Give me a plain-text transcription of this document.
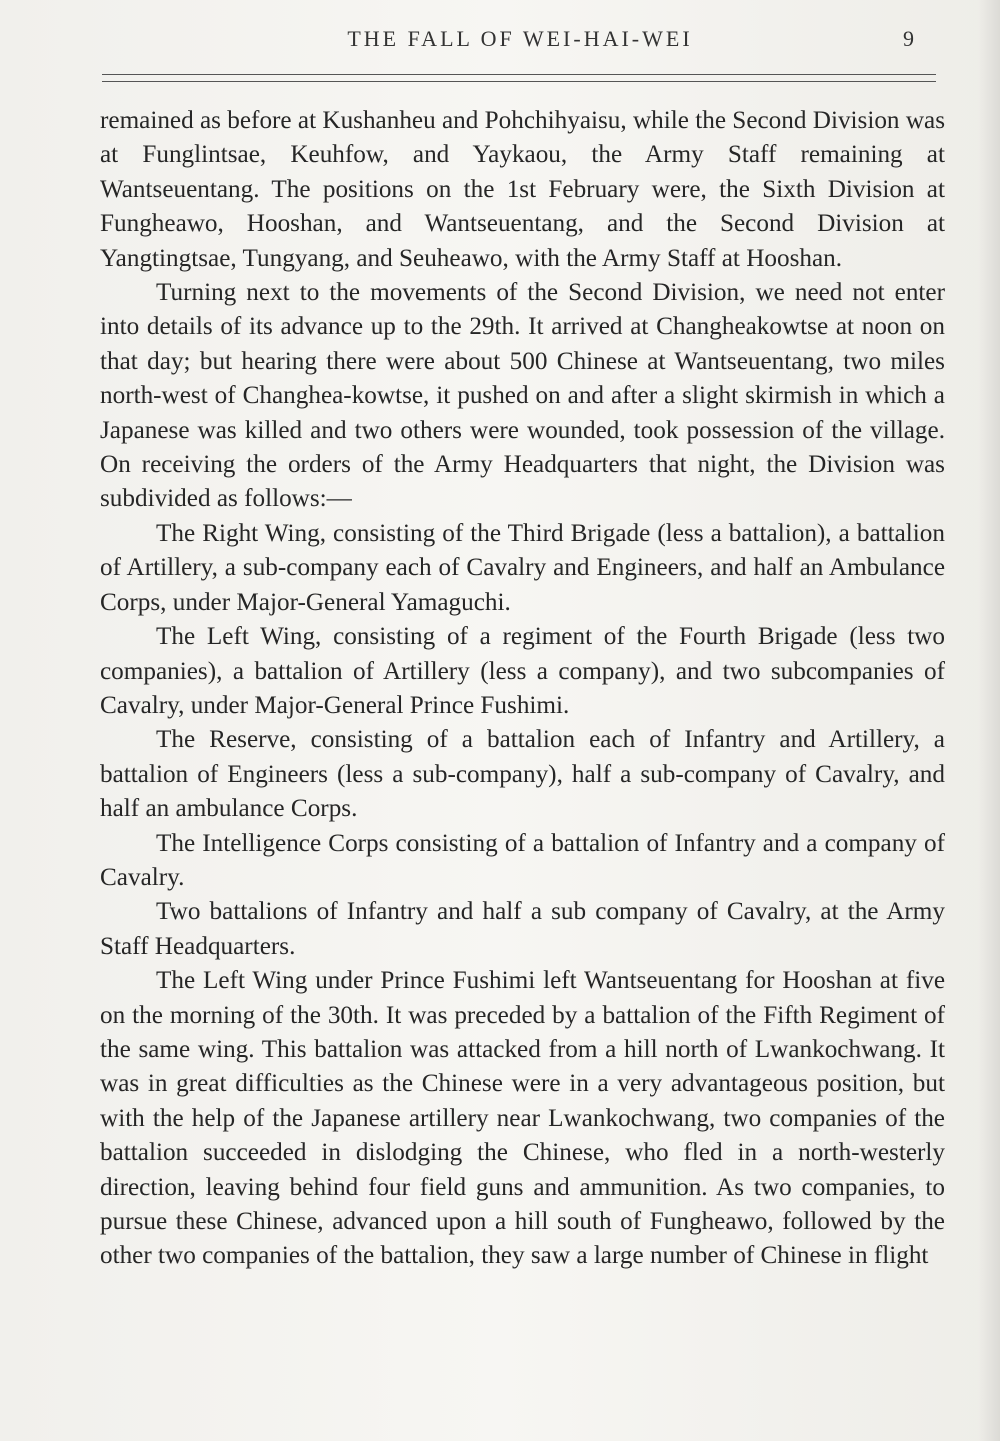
THE FALL OF WEI-HAI-WEI	9

remained as before at Kushanheu and Pohchihyaisu, while the Second Division was at Funglintsae, Keuhfow, and Yaykaou, the Army Staff remaining at Wantseuentang. The positions on the 1st February were, the Sixth Division at Fungheawo, Hooshan, and Wantseuentang, and the Second Division at Yangtingtsae, Tungyang, and Seuheawo, with the Army Staff at Hooshan.

Turning next to the movements of the Second Division, we need not enter into details of its advance up to the 29th. It arrived at Changheakowtse at noon on that day; but hearing there were about 500 Chinese at Wantseuentang, two miles north-west of Changhea-kowtse, it pushed on and after a slight skirmish in which a Japanese was killed and two others were wounded, took possession of the village. On receiving the orders of the Army Headquarters that night, the Division was subdivided as follows:—

The Right Wing, consisting of the Third Brigade (less a battalion), a battalion of Artillery, a sub-company each of Cavalry and Engineers, and half an Ambulance Corps, under Major-General Yamaguchi.

The Left Wing, consisting of a regiment of the Fourth Brigade (less two companies), a battalion of Artillery (less a company), and two subcompanies of Cavalry, under Major-General Prince Fushimi.

The Reserve, consisting of a battalion each of Infantry and Artillery, a battalion of Engineers (less a sub-company), half a sub-company of Cavalry, and half an ambulance Corps.

The Intelligence Corps consisting of a battalion of Infantry and a company of Cavalry.

Two battalions of Infantry and half a sub company of Cavalry, at the Army Staff Headquarters.

The Left Wing under Prince Fushimi left Wantseuentang for Hooshan at five on the morning of the 30th. It was preceded by a battalion of the Fifth Regiment of the same wing. This battalion was attacked from a hill north of Lwankochwang. It was in great difficulties as the Chinese were in a very advantageous position, but with the help of the Japanese artillery near Lwankochwang, two companies of the battalion succeeded in dislodging the Chinese, who fled in a north-westerly direction, leaving behind four field guns and ammunition. As two companies, to pursue these Chinese, advanced upon a hill south of Fungheawo, followed by the other two companies of the battalion, they saw a large number of Chinese in flight
